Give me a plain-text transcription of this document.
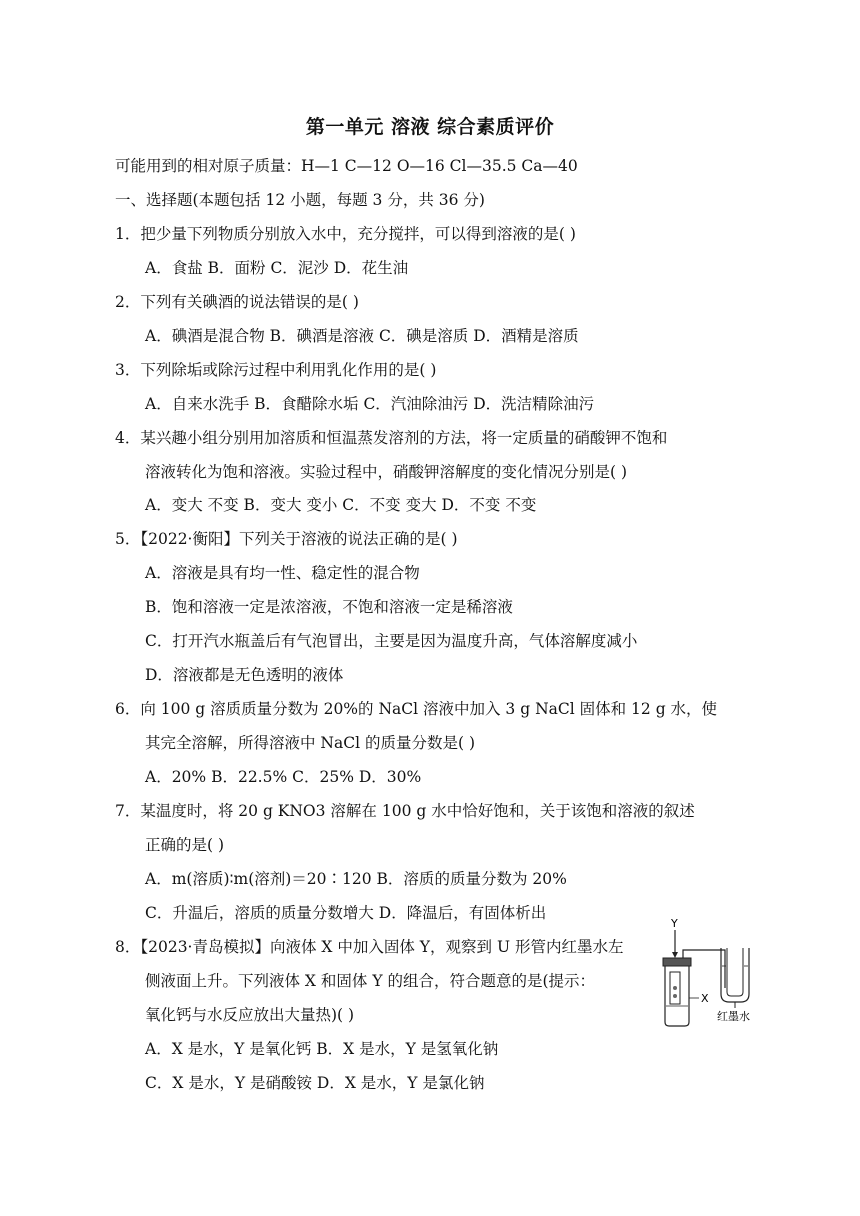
第一单元 溶液 综合素质评价
可能用到的相对原子质量：H—1 C—12 O—16 Cl—35.5 Ca—40
一、选择题(本题包括 12 小题，每题 3 分，共 36 分)
1．把少量下列物质分别放入水中，充分搅拌，可以得到溶液的是( )
A．食盐 B．面粉 C．泥沙 D．花生油
2．下列有关碘酒的说法错误的是( )
A．碘酒是混合物 B．碘酒是溶液 C．碘是溶质 D．酒精是溶质
3．下列除垢或除污过程中利用乳化作用的是( )
A．自来水洗手 B．食醋除水垢 C．汽油除油污 D．洗洁精除油污
4．某兴趣小组分别用加溶质和恒温蒸发溶剂的方法，将一定质量的硝酸钾不饱和
溶液转化为饱和溶液。实验过程中，硝酸钾溶解度的变化情况分别是( )
A．变大 不变 B．变大 变小 C．不变 变大 D．不变 不变
5．【2022·衡阳】下列关于溶液的说法正确的是( )
A．溶液是具有均一性、稳定性的混合物
B．饱和溶液一定是浓溶液，不饱和溶液一定是稀溶液
C．打开汽水瓶盖后有气泡冒出，主要是因为温度升高，气体溶解度减小
D．溶液都是无色透明的液体
6．向 100 g 溶质质量分数为 20%的 NaCl 溶液中加入 3 g NaCl 固体和 12 g 水，使
其完全溶解，所得溶液中 NaCl 的质量分数是( )
A．20% B．22.5% C．25% D．30%
7．某温度时，将 20 g KNO3 溶解在 100 g 水中恰好饱和，关于该饱和溶液的叙述
正确的是( )
A．m(溶质)∶m(溶剂)＝20∶120 B．溶质的质量分数为 20%
C．升温后，溶质的质量分数增大 D．降温后，有固体析出
8．【2023·青岛模拟】向液体 X 中加入固体 Y，观察到 U 形管内红墨水左
侧液面上升。下列液体 X 和固体 Y 的组合，符合题意的是(提示：
氧化钙与水反应放出大量热)( )
A．X 是水，Y 是氧化钙 B．X 是水，Y 是氢氧化钠
C．X 是水，Y 是硝酸铵 D．X 是水，Y 是氯化钠
Y
X
红墨水
